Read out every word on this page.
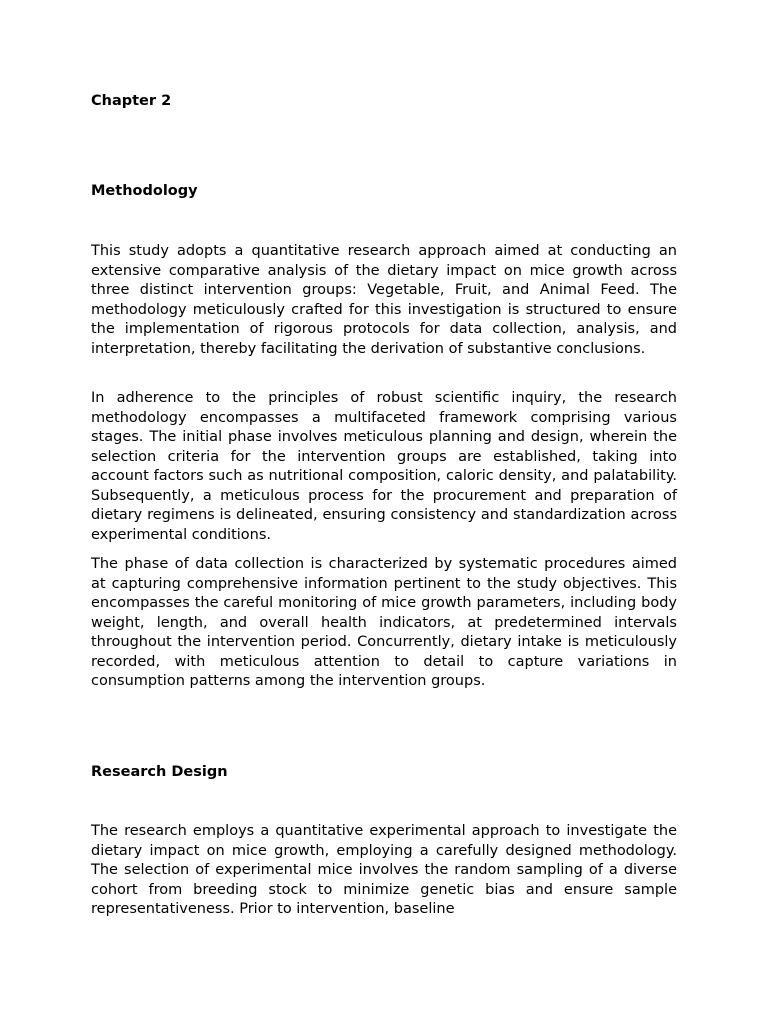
Chapter 2
Methodology

This study adopts a quantitative research approach aimed at conducting an extensive comparative analysis of the dietary impact on mice growth across three distinct intervention groups: Vegetable, Fruit, and Animal Feed. The methodology meticulously crafted for this investigation is structured to ensure the implementation of rigorous protocols for data collection, analysis, and interpretation, thereby facilitating the derivation of substantive conclusions.

In adherence to the principles of robust scientific inquiry, the research methodology encompasses a multifaceted framework comprising various stages. The initial phase involves meticulous planning and design, wherein the selection criteria for the intervention groups are established, taking into account factors such as nutritional composition, caloric density, and palatability. Subsequently, a meticulous process for the procurement and preparation of dietary regimens is delineated, ensuring consistency and standardization across experimental conditions.

The phase of data collection is characterized by systematic procedures aimed at capturing comprehensive information pertinent to the study objectives. This encompasses the careful monitoring of mice growth parameters, including body weight, length, and overall health indicators, at predetermined intervals throughout the intervention period. Concurrently, dietary intake is meticulously recorded, with meticulous attention to detail to capture variations in consumption patterns among the intervention groups.

Research Design

The research employs a quantitative experimental approach to investigate the dietary impact on mice growth, employing a carefully designed methodology. The selection of experimental mice involves the random sampling of a diverse cohort from breeding stock to minimize genetic bias and ensure sample representativeness. Prior to intervention, baseline
